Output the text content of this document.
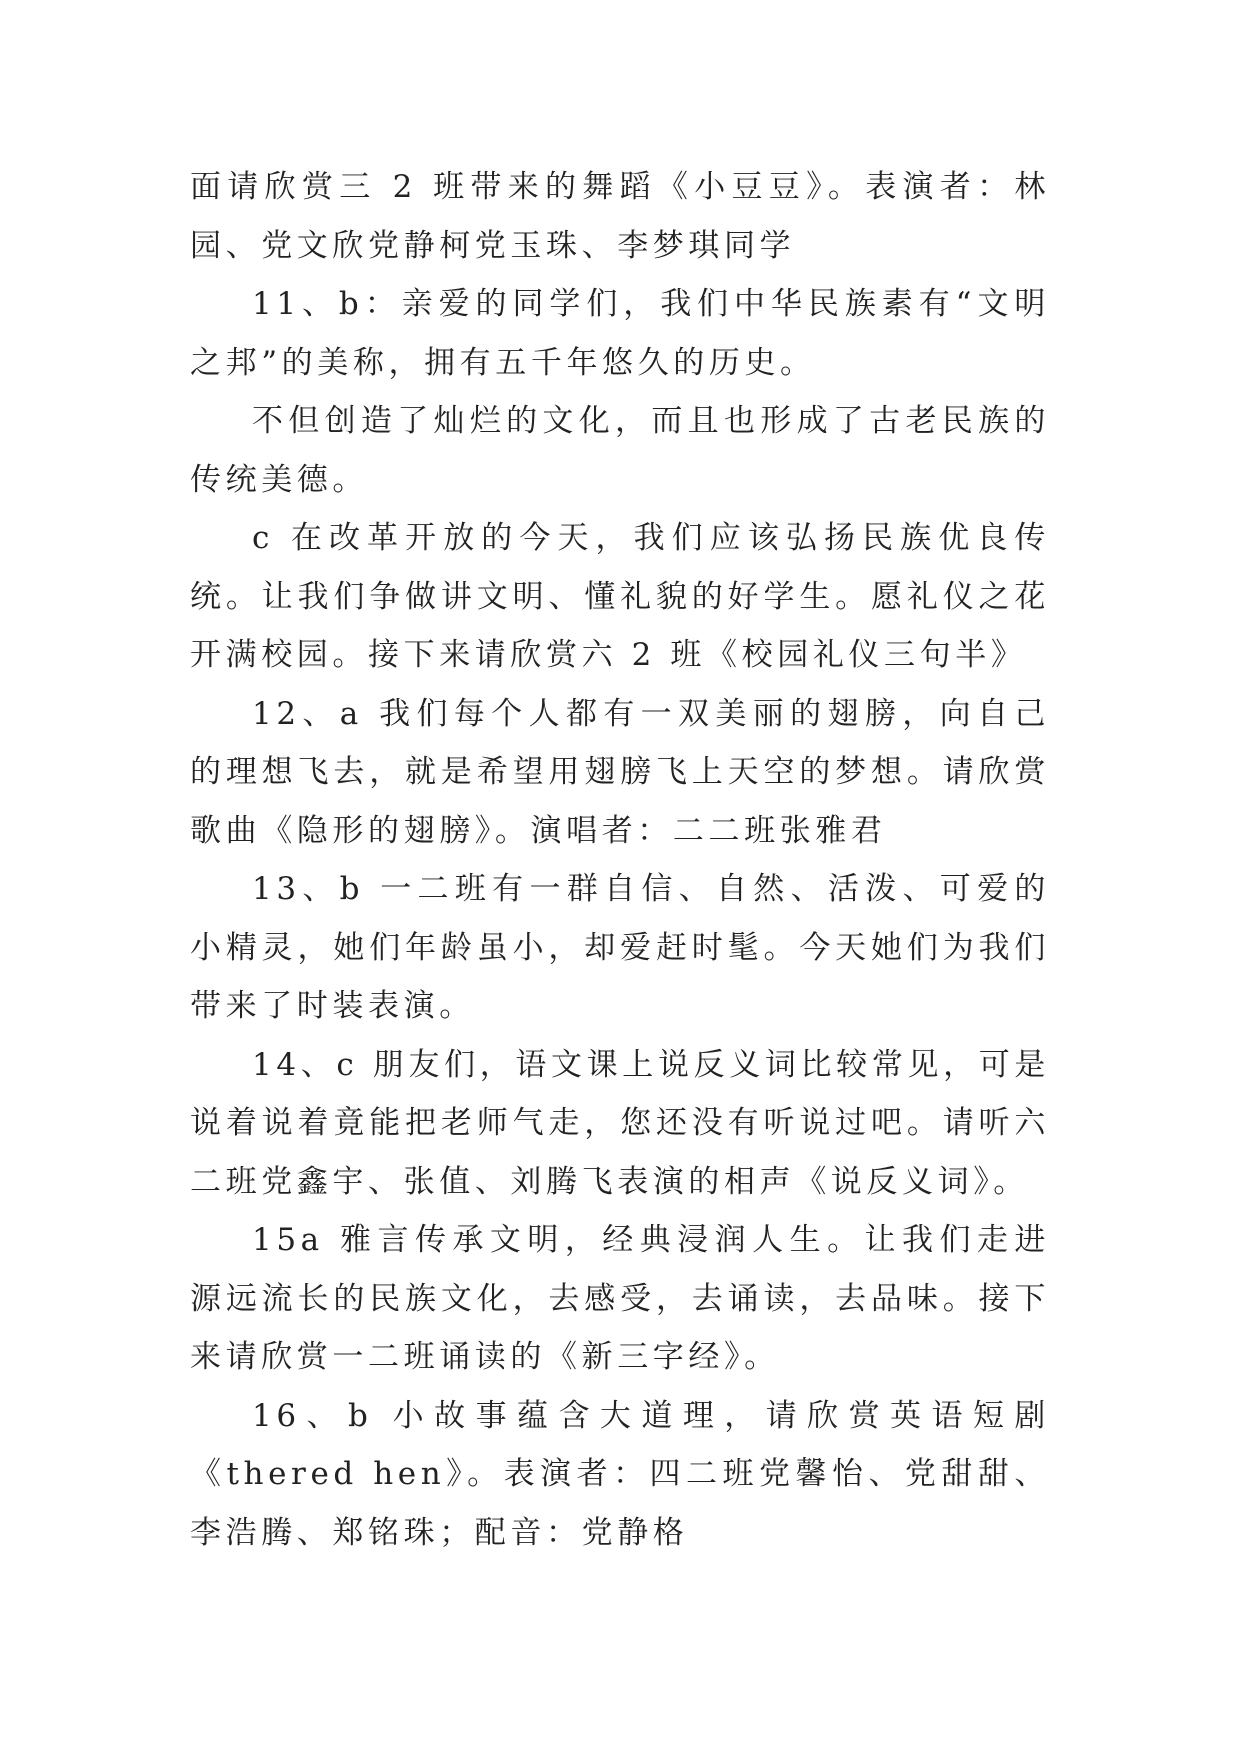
面请欣赏三 2 班带来的舞蹈《小豆豆》。表演者：林园、党文欣党静柯党玉珠、李梦琪同学

11、b：亲爱的同学们，我们中华民族素有“文明之邦”的美称，拥有五千年悠久的历史。

不但创造了灿烂的文化，而且也形成了古老民族的传统美德。

c 在改革开放的今天，我们应该弘扬民族优良传统。让我们争做讲文明、懂礼貌的好学生。愿礼仪之花开满校园。接下来请欣赏六 2 班《校园礼仪三句半》

12、a 我们每个人都有一双美丽的翅膀，向自己的理想飞去，就是希望用翅膀飞上天空的梦想。请欣赏歌曲《隐形的翅膀》。演唱者：二二班张雅君

13、b 一二班有一群自信、自然、活泼、可爱的小精灵，她们年龄虽小，却爱赶时髦。今天她们为我们带来了时装表演。

14、c 朋友们，语文课上说反义词比较常见，可是说着说着竟能把老师气走，您还没有听说过吧。请听六二班党鑫宇、张值、刘腾飞表演的相声《说反义词》。

15a 雅言传承文明，经典浸润人生。让我们走进源远流长的民族文化，去感受，去诵读，去品味。接下来请欣赏一二班诵读的《新三字经》。

16、b 小故事蕴含大道理，请欣赏英语短剧《thered hen》。表演者：四二班党馨怡、党甜甜、李浩腾、郑铭珠；配音：党静格
